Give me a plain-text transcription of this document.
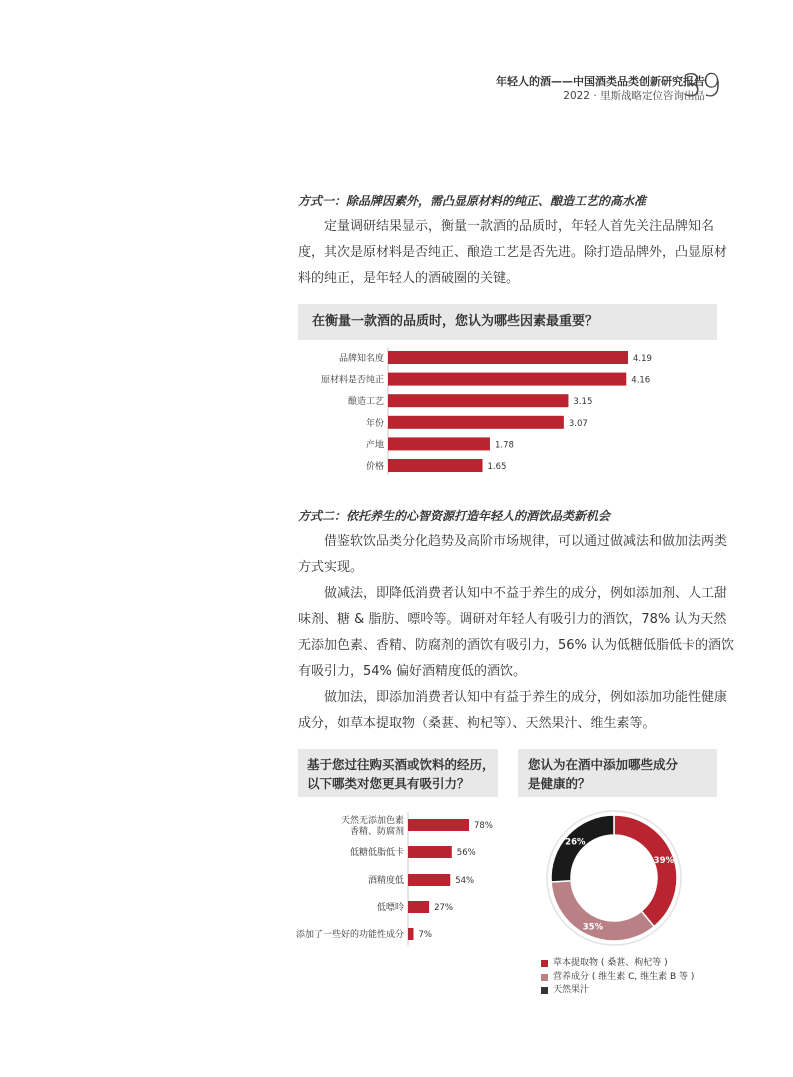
年轻人的酒——中国酒类品类创新研究报告
2022 · 里斯战略定位咨询出品
39

方式一：除品牌因素外，需凸显原材料的纯正、酿造工艺的高水准

定量调研结果显示，衡量一款酒的品质时，年轻人首先关注品牌知名度，其次是原材料是否纯正、酿造工艺是否先进。除打造品牌外，凸显原材料的纯正，是年轻人的酒破圈的关键。

在衡量一款酒的品质时，您认为哪些因素最重要？
品牌知名度	4.19
原材料是否纯正	4.16
酿造工艺	3.15
年份	3.07
产地	1.78
价格	1.65

方式二：依托养生的心智资源打造年轻人的酒饮品类新机会

借鉴软饮品类分化趋势及高阶市场规律，可以通过做减法和做加法两类方式实现。

做减法，即降低消费者认知中不益于养生的成分，例如添加剂、人工甜味剂、糖 & 脂肪、嘌呤等。调研对年轻人有吸引力的酒饮，78% 认为天然无添加色素、香精、防腐剂的酒饮有吸引力，56% 认为低糖低脂低卡的酒饮有吸引力，54% 偏好酒精度低的酒饮。

做加法，即添加消费者认知中有益于养生的成分，例如添加功能性健康成分，如草本提取物（桑葚、枸杞等）、天然果汁、维生素等。

基于您过往购买酒或饮料的经历，
以下哪类对您更具有吸引力？
您认为在酒中添加哪些成分
是健康的？
天然无添加色素
香精、防腐剂
78%
低糖低脂低卡	56%
酒精度低	54%
低嘌呤	27%
添加了一些好的功能性成分 7%
39%
35%
26%
草本提取物 ( 桑葚、枸杞等 )
营养成分 ( 维生素 C, 维生素 B 等 )
天然果汁
